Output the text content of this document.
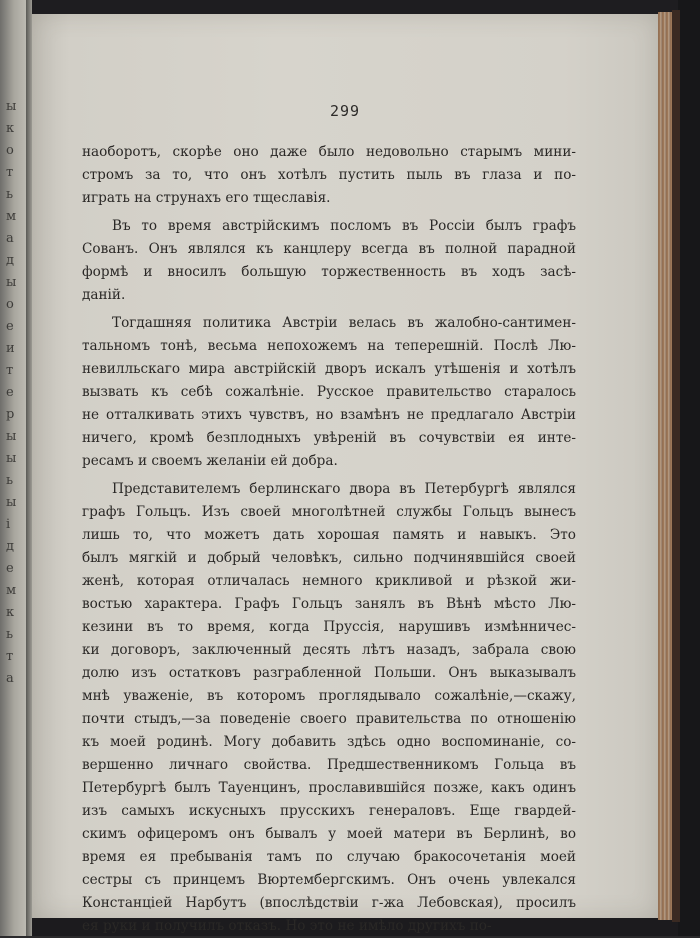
ы
к
о
т
ь
м
а
д
ы
о
е
и
т
е
р
ы
ы
ь
ы
і
д
е
м
к
ь
т
а
299
наоборотъ, скорѣе оно даже было недовольно старымъ мини-
стромъ за то, что онъ хотѣлъ пустить пыль въ глаза и по-
играть на струнахъ его тщеславія.
Въ то время австрійскимъ посломъ въ Россіи былъ графъ
Сованъ. Онъ являлся къ канцлеру всегда въ полной парадной
формѣ и вносилъ большую торжественность въ ходъ засѣ-
даній.
Тогдашняя политика Австріи велась въ жалобно-сантимен-
тальномъ тонѣ, весьма непохожемъ на теперешній. Послѣ Лю-
невилльскаго мира австрійскій дворъ искалъ утѣшенія и хотѣлъ
вызвать къ себѣ сожалѣніе. Русское правительство старалось
не отталкивать этихъ чувствъ, но взамѣнъ не предлагало Австріи
ничего, кромѣ безплодныхъ увѣреній въ сочувствіи ея инте-
ресамъ и своемъ желаніи ей добра.
Представителемъ берлинскаго двора въ Петербургѣ являлся
графъ Гольцъ. Изъ своей многолѣтней службы Гольцъ вынесъ
лишь то, что можетъ дать хорошая память и навыкъ. Это
былъ мягкій и добрый человѣкъ, сильно подчинявшійся своей
женѣ, которая отличалась немного крикливой и рѣзкой жи-
востью характера. Графъ Гольцъ занялъ въ Вѣнѣ мѣсто Лю-
кезини въ то время, когда Пруссія, нарушивъ измѣнничес-
ки договоръ, заключенный десять лѣтъ назадъ, забрала свою
долю изъ остатковъ разграбленной Польши. Онъ выказывалъ
мнѣ уваженіе, въ которомъ проглядывало сожалѣніе,—скажу,
почти стыдъ,—за поведеніе своего правительства по отношенію
къ моей родинѣ. Могу добавить здѣсь одно воспоминаніе, со-
вершенно личнаго свойства. Предшественникомъ Гольца въ
Петербургѣ былъ Тауенцинъ, прославившійся позже, какъ одинъ
изъ самыхъ искусныхъ прусскихъ генераловъ. Еще гвардей-
скимъ офицеромъ онъ бывалъ у моей матери въ Берлинѣ, во
время ея пребыванія тамъ по случаю бракосочетанія моей
сестры съ принцемъ Вюртембергскимъ. Онъ очень увлекался
Констанціей Нарбутъ (впослѣдствіи г-жа Лебовская), просилъ
ея руки и получилъ отказъ. Но это не имѣло другихъ по-
